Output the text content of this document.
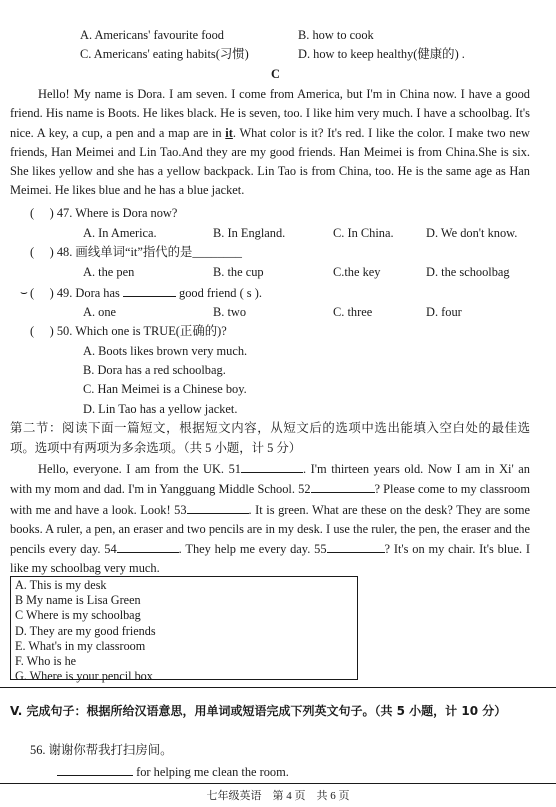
A. Americans' favourite food	B. how to cook
C. Americans' eating habits(习惯)	D. how to keep healthy(健康的) .
C

Hello! My name is Dora. I am seven. I come from America, but I'm in China now. I have a good friend. His name is Boots. He likes black. He is seven, too. I like him very much. I have a schoolbag. It's nice. A key, a cup, a pen and a map are in it. What color is it? It's red. I like the color. I make two new friends, Han Meimei and Lin Tao.And they are my good friends. Han Meimei is from China.She is six. She likes yellow and she has a yellow backpack. Lin Tao is from China, too. He is the same age as Han Meimei. He likes blue and he has a blue jacket.

(　 ) 47. Where is Dora now?
A. In America.	B. In England.	C. In China.	D. We don't know.
(　 ) 48. 画线单词“it”指代的是________
A. the pen	B. the cup	C.the key	D. the schoolbag
⌣ (　 ) 49. Dora has	good friend ( s ).
A. one	B. two	C. three	D. four
(　 ) 50. Which one is TRUE(正确的)?
A. Boots likes brown very much.
B. Dora has a red schoolbag.
C. Han Meimei is a Chinese boy.
D. Lin Tao has a yellow jacket.
第二节：阅读下面一篇短文，根据短文内容，从短文后的选项中选出能填入空白处的最佳选项。选项中有两项为多余选项。（共 5 小题，计 5 分）

Hello, everyone. I am from the UK. 51	. I'm thirteen years old. Now I am in Xi' an with my mom and dad. I'm in Yangguang Middle School. 52	? Please come to my classroom with me and have a look. Look! 53	. It is green. What are these on the desk? They are some books. A ruler, a pen, an eraser and two pencils are in my desk. I use the ruler, the pen, the eraser and the pencils every day. 54	. They help me every day. 55	? It's on my chair. It's blue. I like my schoolbag very much.

A. This is my desk
B My name is Lisa Green
C Where is my schoolbag
D. They are my good friends
E. What's in my classroom
F. Who is he
G. Where is your pencil box
V. 完成句子：根据所给汉语意思，用单词或短语完成下列英文句子。（共 5 小题，计 10 分）
56. 谢谢你帮我打扫房间。
for helping me clean the room.
七年级英语　第 4 页　共 6 页
